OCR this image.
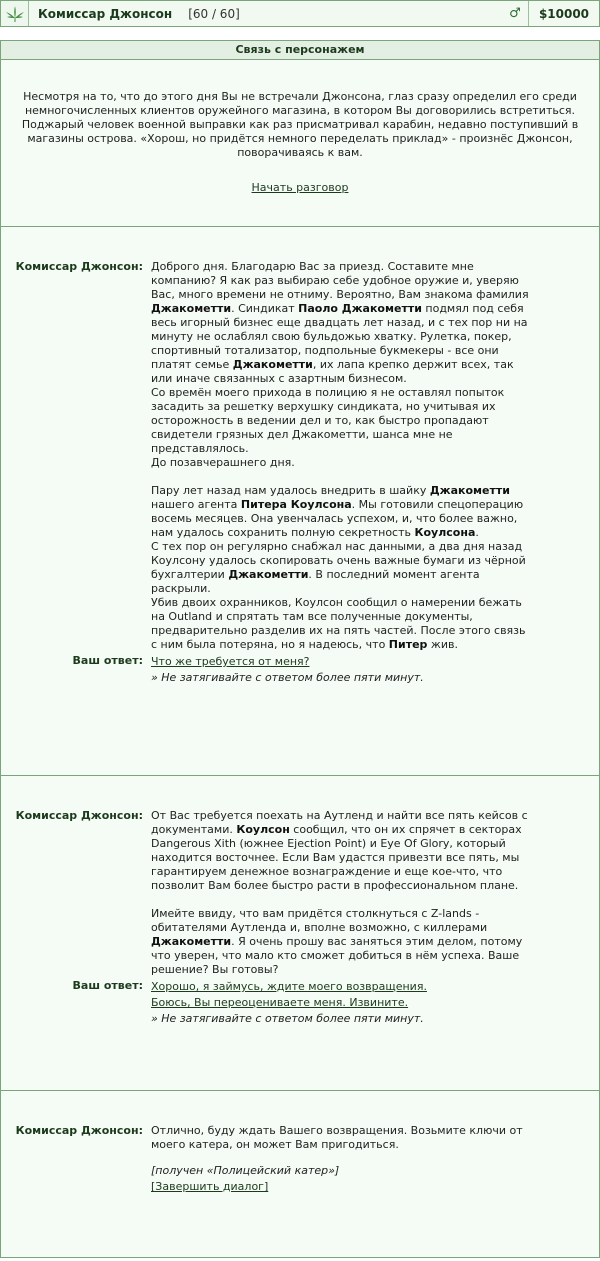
Комиссар Джонсон [60 / 60]	♂	$10000
Связь с персонажем

Несмотря на то, что до этого дня Вы не встречали Джонсона, глаз сразу определил его среди немногочисленных клиентов оружейного магазина, в котором Вы договорились встретиться. Поджарый человек военной выправки как раз присматривал карабин, недавно поступивший в магазины острова. «Хорош, но придётся немного переделать приклад» - произнёс Джонсон, поворачиваясь к вам.

Начать разговор
Комиссар Джонсон: Доброго дня. Благодарю Вас за приезд. Составите мне компанию? Я как раз выбираю себе удобное оружие и, уверяю Вас, много времени не отниму. Вероятно, Вам знакома фамилия Джакометти. Синдикат Паоло Джакометти подмял под себя весь игорный бизнес еще двадцать лет назад, и с тех пор ни на минуту не ослаблял свою бульдожью хватку. Рулетка, покер, спортивный тотализатор, подпольные букмекеры - все они платят семье Джакометти, их лапа крепко держит всех, так или иначе связанных с азартным бизнесом.

Со времён моего прихода в полицию я не оставлял попыток засадить за решетку верхушку синдиката, но учитывая их осторожность в ведении дел и то, как быстро пропадают свидетели грязных дел Джакометти, шанса мне не представлялось.

До позавчерашнего дня.

Пару лет назад нам удалось внедрить в шайку Джакометти нашего агента Питера Коулсона. Мы готовили спецоперацию восемь месяцев. Она увенчалась успехом, и, что более важно, нам удалось сохранить полную секретность Коулсона.

С тех пор он регулярно снабжал нас данными, а два дня назад Коулсону удалось скопировать очень важные бумаги из чёрной бухгалтерии Джакометти. В последний момент агента раскрыли.

Убив двоих охранников, Коулсон сообщил о намерении бежать на Outland и спрятать там все полученные документы, предварительно разделив их на пять частей. После этого связь с ним была потеряна, но я надеюсь, что Питер жив.

Ваш ответ: Что же требуется от меня?
» Не затягивайте с ответом более пяти минут.
Комиссар Джонсон: От Вас требуется поехать на Аутленд и найти все пять кейсов с документами. Коулсон сообщил, что он их спрячет в секторах Dangerous Xith (южнее Ejection Point) и Eye Of Glory, который находится восточнее. Если Вам удастся привезти все пять, мы гарантируем денежное вознаграждение и еще кое-что, что позволит Вам более быстро расти в профессиональном плане.

Имейте ввиду, что вам придётся столкнуться с Z-lands - обитателями Аутленда и, вполне возможно, с киллерами Джакометти. Я очень прошу вас заняться этим делом, потому что уверен, что мало кто сможет добиться в нём успеха. Ваше решение? Вы готовы?

Ваш ответ: Хорошо, я займусь, ждите моего возвращения.
Боюсь, Вы переоцениваете меня. Извините.
» Не затягивайте с ответом более пяти минут.
Комиссар Джонсон: Отлично, буду ждать Вашего возвращения. Возьмите ключи от моего катера, он может Вам пригодиться.

[получен «Полицейский катер»]

[Завершить диалог]
